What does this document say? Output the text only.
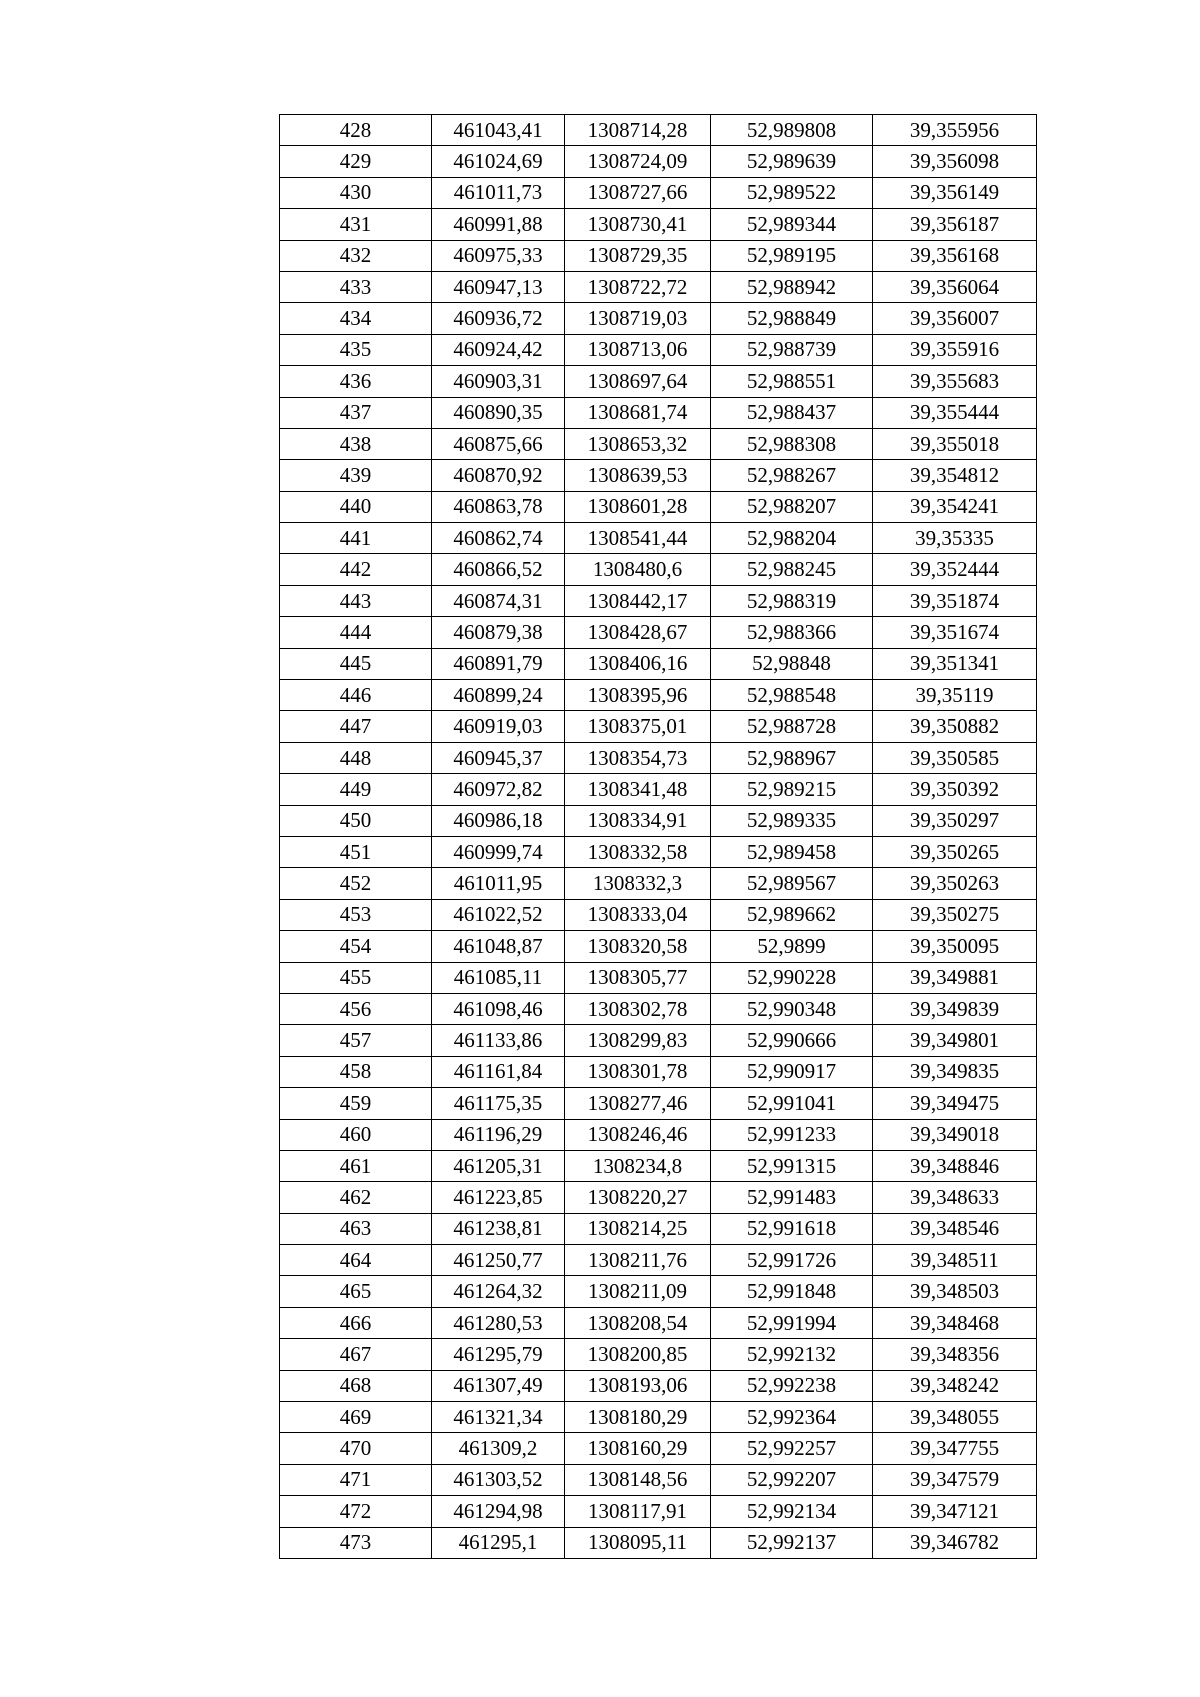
428	461043,41	1308714,28	52,989808	39,355956
429	461024,69	1308724,09	52,989639	39,356098
430	461011,73	1308727,66	52,989522	39,356149
431	460991,88	1308730,41	52,989344	39,356187
432	460975,33	1308729,35	52,989195	39,356168
433	460947,13	1308722,72	52,988942	39,356064
434	460936,72	1308719,03	52,988849	39,356007
435	460924,42	1308713,06	52,988739	39,355916
436	460903,31	1308697,64	52,988551	39,355683
437	460890,35	1308681,74	52,988437	39,355444
438	460875,66	1308653,32	52,988308	39,355018
439	460870,92	1308639,53	52,988267	39,354812
440	460863,78	1308601,28	52,988207	39,354241
441	460862,74	1308541,44	52,988204	39,35335
442	460866,52	1308480,6	52,988245	39,352444
443	460874,31	1308442,17	52,988319	39,351874
444	460879,38	1308428,67	52,988366	39,351674
445	460891,79	1308406,16	52,98848	39,351341
446	460899,24	1308395,96	52,988548	39,35119
447	460919,03	1308375,01	52,988728	39,350882
448	460945,37	1308354,73	52,988967	39,350585
449	460972,82	1308341,48	52,989215	39,350392
450	460986,18	1308334,91	52,989335	39,350297
451	460999,74	1308332,58	52,989458	39,350265
452	461011,95	1308332,3	52,989567	39,350263
453	461022,52	1308333,04	52,989662	39,350275
454	461048,87	1308320,58	52,9899	39,350095
455	461085,11	1308305,77	52,990228	39,349881
456	461098,46	1308302,78	52,990348	39,349839
457	461133,86	1308299,83	52,990666	39,349801
458	461161,84	1308301,78	52,990917	39,349835
459	461175,35	1308277,46	52,991041	39,349475
460	461196,29	1308246,46	52,991233	39,349018
461	461205,31	1308234,8	52,991315	39,348846
462	461223,85	1308220,27	52,991483	39,348633
463	461238,81	1308214,25	52,991618	39,348546
464	461250,77	1308211,76	52,991726	39,348511
465	461264,32	1308211,09	52,991848	39,348503
466	461280,53	1308208,54	52,991994	39,348468
467	461295,79	1308200,85	52,992132	39,348356
468	461307,49	1308193,06	52,992238	39,348242
469	461321,34	1308180,29	52,992364	39,348055
470	461309,2	1308160,29	52,992257	39,347755
471	461303,52	1308148,56	52,992207	39,347579
472	461294,98	1308117,91	52,992134	39,347121
473	461295,1	1308095,11	52,992137	39,346782
